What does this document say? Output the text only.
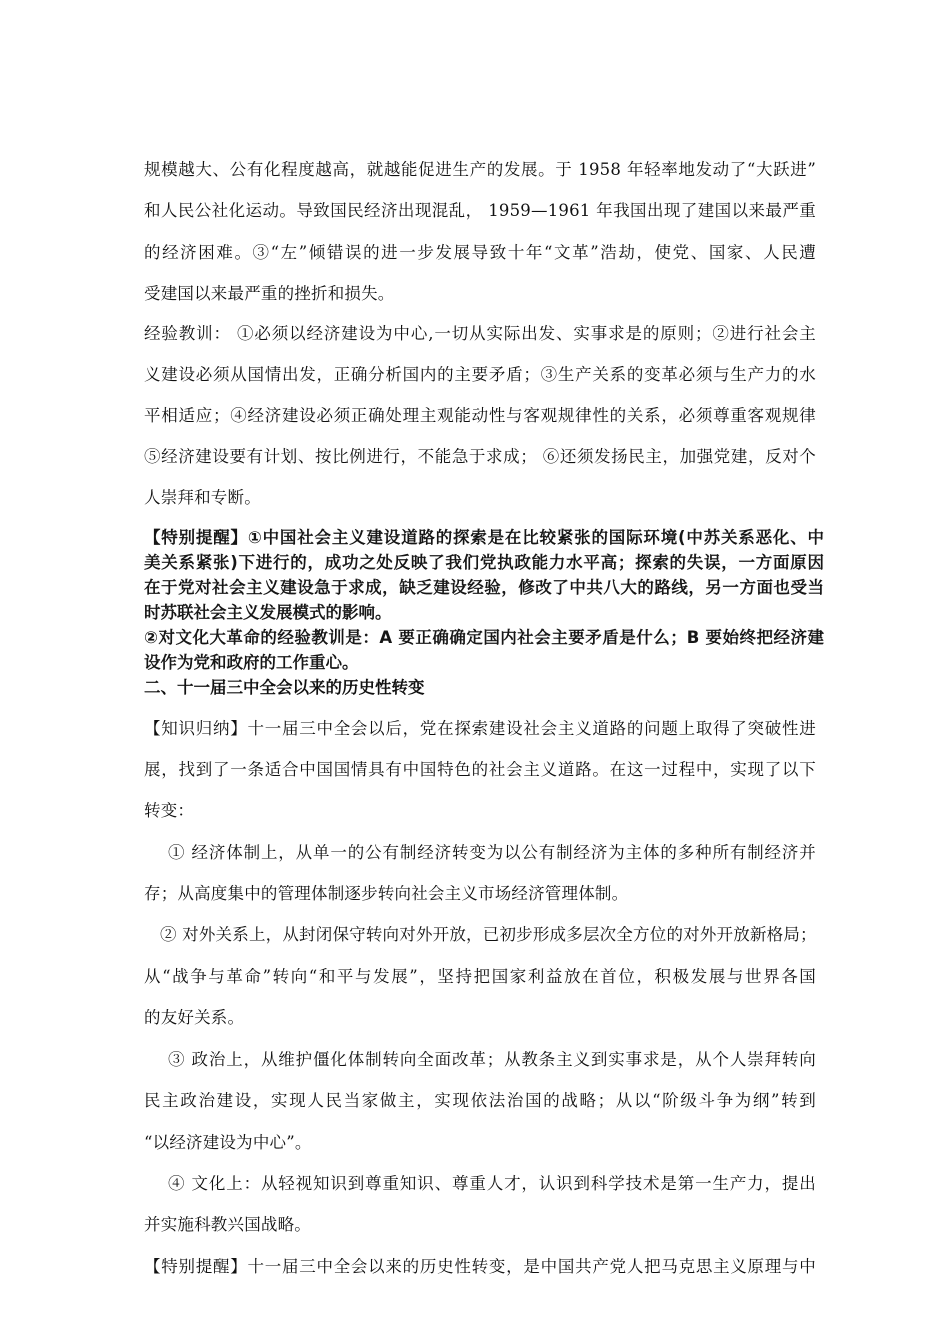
规模越大、公有化程度越高，就越能促进生产的发展。于 1958 年轻率地发动了“大跃进”
和人民公社化运动。导致国民经济出现混乱， 1959—1961 年我国出现了建国以来最严重
的经济困难。③“左”倾错误的进一步发展导致十年“文革”浩劫，使党、国家、人民遭
受建国以来最严重的挫折和损失。
经验教训： ①必须以经济建设为中心,一切从实际出发、实事求是的原则；②进行社会主
义建设必须从国情出发，正确分析国内的主要矛盾；③生产关系的变革必须与生产力的水
平相适应；④经济建设必须正确处理主观能动性与客观规律性的关系，必须尊重客观规律
⑤经济建设要有计划、按比例进行，不能急于求成； ⑥还须发扬民主，加强党建，反对个
人崇拜和专断。
【特别提醒】①中国社会主义建设道路的探索是在比较紧张的国际环境(中苏关系恶化、中
美关系紧张)下进行的，成功之处反映了我们党执政能力水平高；探索的失误，一方面原因
在于党对社会主义建设急于求成，缺乏建设经验，修改了中共八大的路线，另一方面也受当
时苏联社会主义发展模式的影响。
②对文化大革命的经验教训是：A 要正确确定国内社会主要矛盾是什么；B 要始终把经济建
设作为党和政府的工作重心。
二、十一届三中全会以来的历史性转变
【知识归纳】十一届三中全会以后，党在探索建设社会主义道路的问题上取得了突破性进
展，找到了一条适合中国国情具有中国特色的社会主义道路。在这一过程中，实现了以下
转变：
① 经济体制上，从单一的公有制经济转变为以公有制经济为主体的多种所有制经济并
存；从高度集中的管理体制逐步转向社会主义市场经济管理体制。
② 对外关系上，从封闭保守转向对外开放，已初步形成多层次全方位的对外开放新格局；
从“战争与革命”转向“和平与发展”，坚持把国家利益放在首位，积极发展与世界各国
的友好关系。
③ 政治上，从维护僵化体制转向全面改革；从教条主义到实事求是，从个人崇拜转向
民主政治建设，实现人民当家做主，实现依法治国的战略；从以“阶级斗争为纲”转到
“以经济建设为中心”。
④ 文化上：从轻视知识到尊重知识、尊重人才，认识到科学技术是第一生产力，提出
并实施科教兴国战略。
【特别提醒】十一届三中全会以来的历史性转变，是中国共产党人把马克思主义原理与中
